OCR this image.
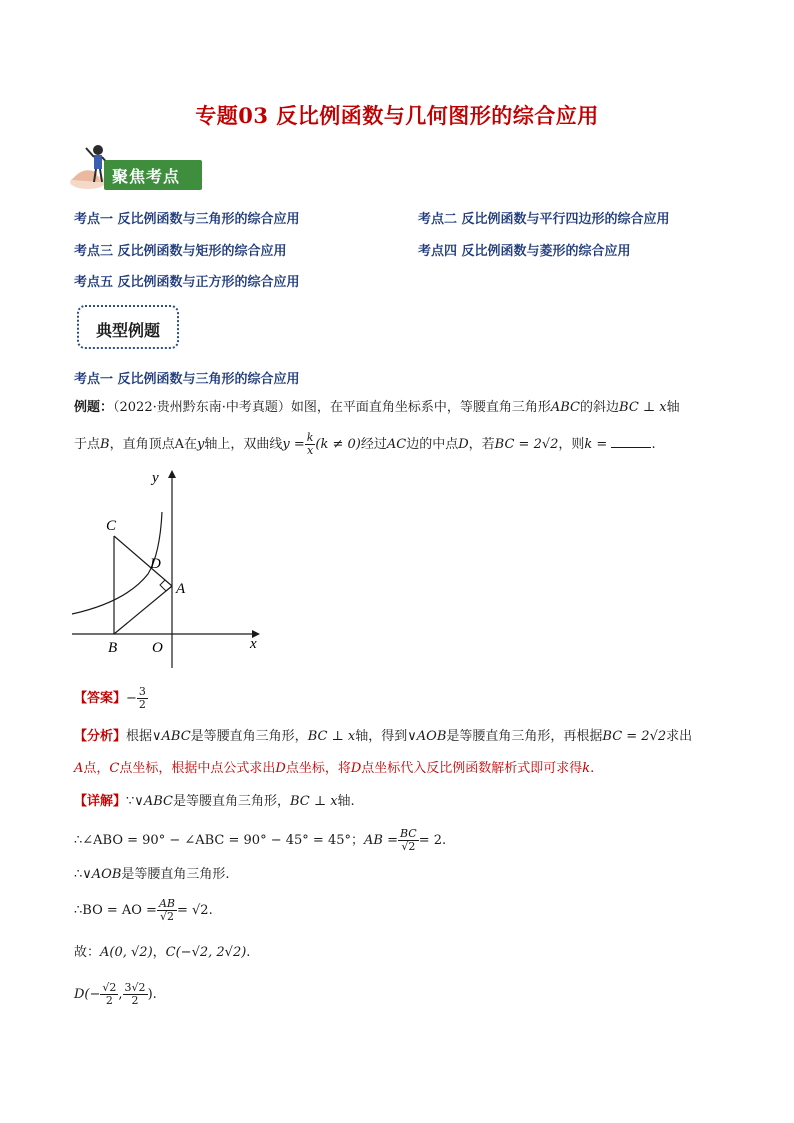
专题03 反比例函数与几何图形的综合应用
聚焦考点
考点一 反比例函数与三角形的综合应用	考点二 反比例函数与平行四边形的综合应用
考点三 反比例函数与矩形的综合应用	考点四 反比例函数与菱形的综合应用
考点五 反比例函数与正方形的综合应用
典型例题
考点一 反比例函数与三角形的综合应用
例题：（2022·贵州黔东南·中考真题）如图，在平面直角坐标系中，等腰直角三角形ABC的斜边BC ⊥ x轴
于点B，直角顶点A在y轴上，双曲线$y = \frac{k}{x} (k \ne 0)$经过AC边的中点D，若BC = 2√2，则k =	.
y
x
C
D
A
B O
【答案】− $\frac{3}{2}$
【分析】根据∨ABC是等腰直角三角形，BC ⊥ x轴，得到∨AOB是等腰直角三角形，再根据BC = 2√2求出
A点，C点坐标，根据中点公式求出D点坐标，将D点坐标代入反比例函数解析式即可求得k.
【详解】∵∨ABC是等腰直角三角形，BC ⊥ x轴.
∴∠ABO = 90° − ∠ABC = 90° − 45° = 45°；AB = $\frac{BC}{√2} = 2$.
∴∨AOB是等腰直角三角形.
∴BO = AO = $\frac{AB}{√2} = √2$.
故：A(0, √2)，C(−√2, 2√2).
$D(- \frac{√2}{2}$ , $\frac{3√2}{2}$ ).
